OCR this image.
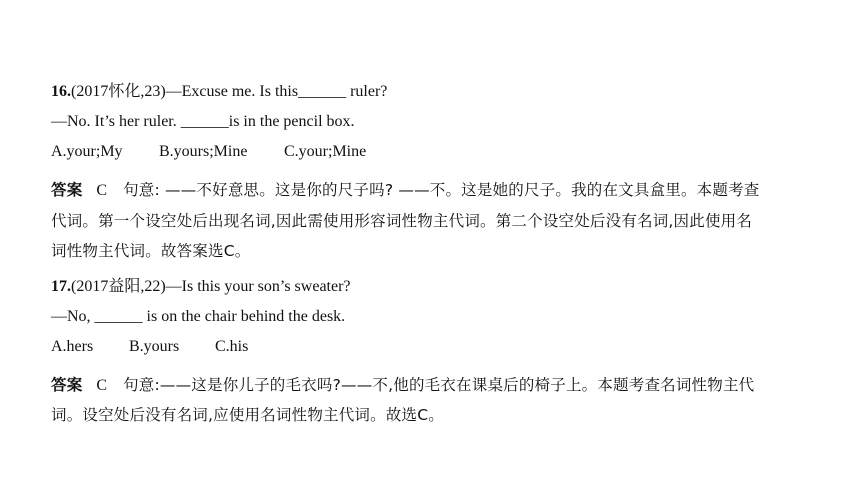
16.(2017怀化,23)—Excuse me. Is this______ ruler?
—No. It’s her ruler. ______is in the pencil box.
A.your;My B.yours;Mine C.your;Mine
答案 C 句意: ——不好意思。这是你的尺子吗? ——不。这是她的尺子。我的在文具盒里。本题考查
代词。第一个设空处后出现名词,因此需使用形容词性物主代词。第二个设空处后没有名词,因此使用名
词性物主代词。故答案选C。
17.(2017益阳,22)—Is this your son’s sweater?
—No, ______ is on the chair behind the desk.
A.hers B.yours C.his
答案 C 句意:——这是你儿子的毛衣吗?——不,他的毛衣在课桌后的椅子上。本题考查名词性物主代
词。设空处后没有名词,应使用名词性物主代词。故选C。
